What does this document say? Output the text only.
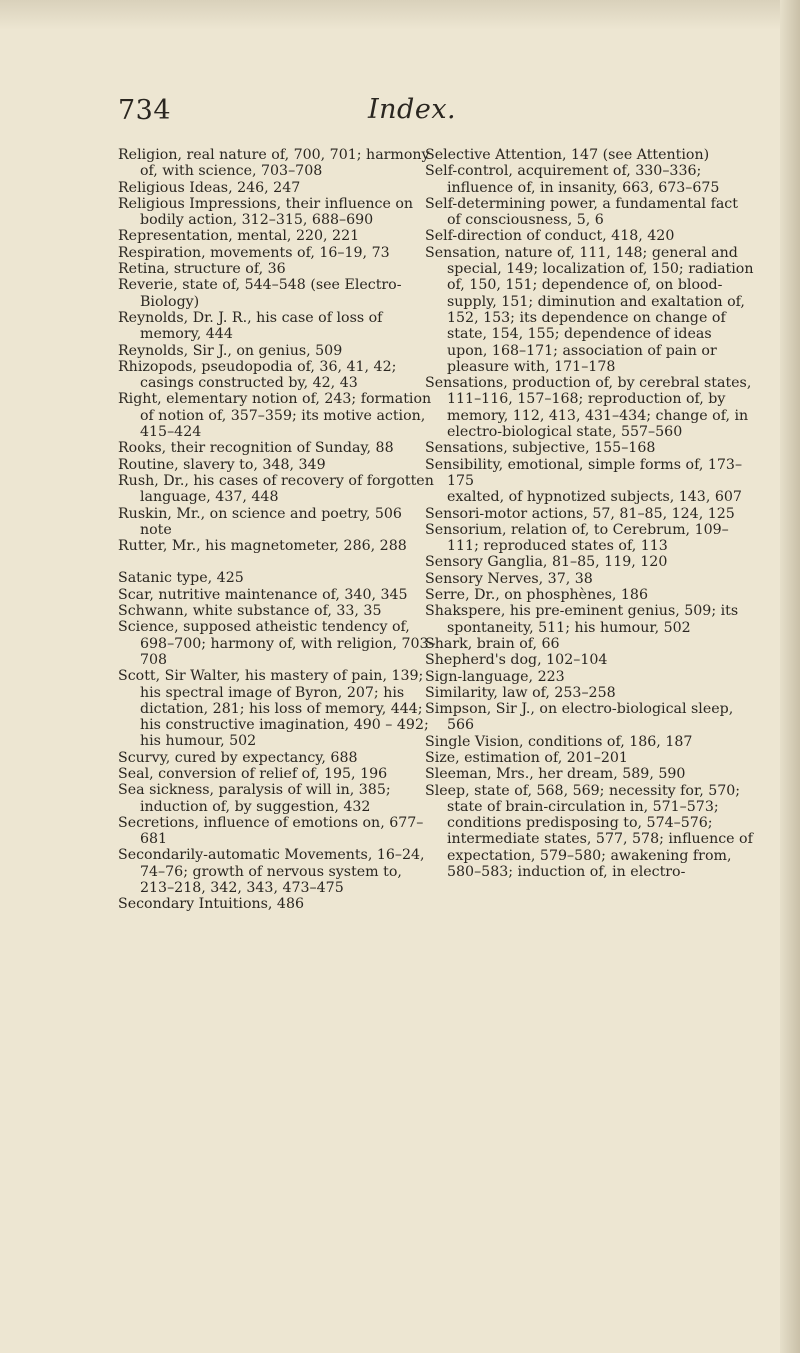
734	Index.

Religion, real nature of, 700, 701; harmony of, with science, 703–708

Religious Ideas, 246, 247

Religious Impressions, their influence on bodily action, 312–315, 688–690

Representation, mental, 220, 221

Respiration, movements of, 16–19, 73

Retina, structure of, 36

Reverie, state of, 544–548 (see Electro-Biology)

Reynolds, Dr. J. R., his case of loss of memory, 444

Reynolds, Sir J., on genius, 509

Rhizopods, pseudopodia of, 36, 41, 42; casings constructed by, 42, 43

Right, elementary notion of, 243; formation of notion of, 357–359; its motive action, 415–424

Rooks, their recognition of Sunday, 88

Routine, slavery to, 348, 349

Rush, Dr., his cases of recovery of forgotten language, 437, 448

Ruskin, Mr., on science and poetry, 506 note

Rutter, Mr., his magnetometer, 286, 288

Satanic type, 425

Scar, nutritive maintenance of, 340, 345

Schwann, white substance of, 33, 35

Science, supposed atheistic tendency of, 698–700; harmony of, with religion, 703–708

Scott, Sir Walter, his mastery of pain, 139; his spectral image of Byron, 207; his dictation, 281; his loss of memory, 444; his constructive imagination, 490 – 492; his humour, 502

Scurvy, cured by expectancy, 688

Seal, conversion of relief of, 195, 196

Sea sickness, paralysis of will in, 385; induction of, by suggestion, 432

Secretions, influence of emotions on, 677–681

Secondarily-automatic Movements, 16–24, 74–76; growth of nervous system to, 213–218, 342, 343, 473–475

Secondary Intuitions, 486

Selective Attention, 147 (see Attention)

Self-control, acquirement of, 330–336; influence of, in insanity, 663, 673–675

Self-determining power, a fundamental fact of consciousness, 5, 6

Self-direction of conduct, 418, 420

Sensation, nature of, 111, 148; general and special, 149; localization of, 150; radiation of, 150, 151; dependence of, on blood-supply, 151; diminution and exaltation of, 152, 153; its dependence on change of state, 154, 155; dependence of ideas upon, 168–171; association of pain or pleasure with, 171–178

Sensations, production of, by cerebral states, 111–116, 157–168; reproduction of, by memory, 112, 413, 431–434; change of, in electro-biological state, 557–560

Sensations, subjective, 155–168

Sensibility, emotional, simple forms of, 173–175

exalted, of hypnotized subjects, 143, 607

Sensori-motor actions, 57, 81–85, 124, 125

Sensorium, relation of, to Cerebrum, 109–111; reproduced states of, 113

Sensory Ganglia, 81–85, 119, 120

Sensory Nerves, 37, 38

Serre, Dr., on phosphènes, 186

Shakspere, his pre-eminent genius, 509; its spontaneity, 511; his humour, 502

Shark, brain of, 66

Shepherd's dog, 102–104

Sign-language, 223

Similarity, law of, 253–258

Simpson, Sir J., on electro-biological sleep, 566

Single Vision, conditions of, 186, 187

Size, estimation of, 201–201

Sleeman, Mrs., her dream, 589, 590

Sleep, state of, 568, 569; necessity for, 570; state of brain-circulation in, 571–573; conditions predisposing to, 574–576; intermediate states, 577, 578; influence of expectation, 579–580; awakening from, 580–583; induction of, in electro-
